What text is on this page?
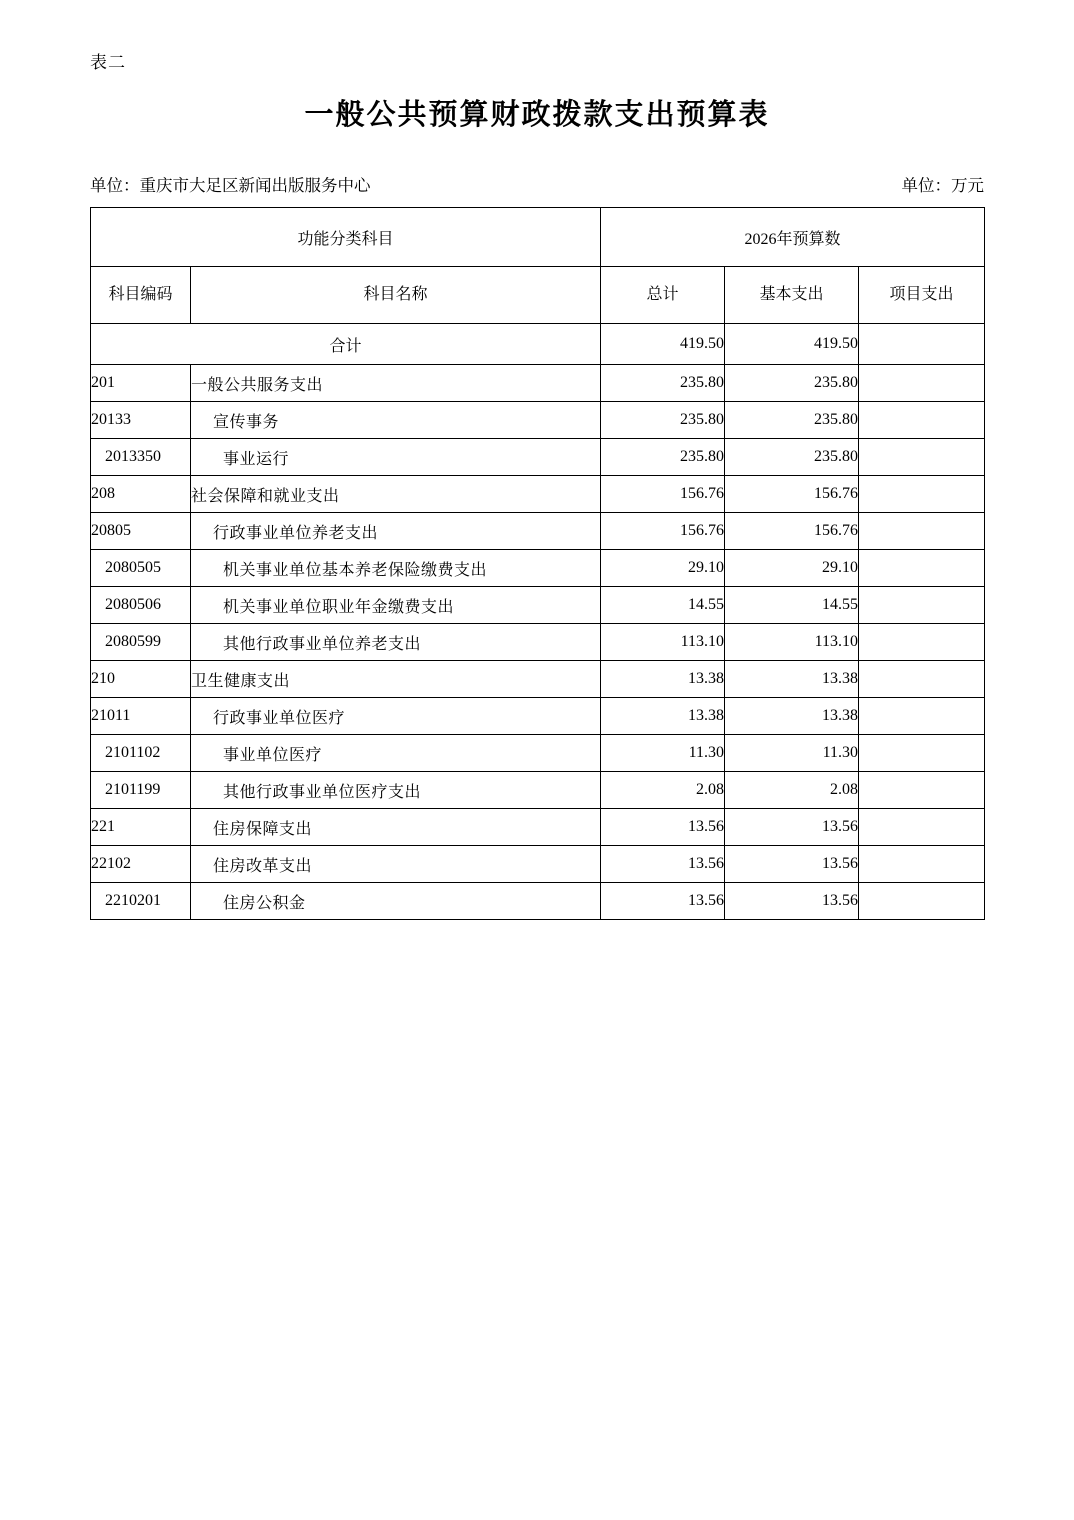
表二
一般公共预算财政拨款支出预算表
单位：重庆市大足区新闻出版服务中心	单位：万元
功能分类科目		2026年预算数		
科目编码	科目名称	总计	基本支出	项目支出
合计		419.50	419.50	
201	一般公共服务支出	235.80	235.80	
20133	宣传事务	235.80	235.80	
2013350	事业运行	235.80	235.80	
208	社会保障和就业支出	156.76	156.76	
20805	行政事业单位养老支出	156.76	156.76	
2080505	机关事业单位基本养老保险缴费支出	29.10	29.10	
2080506	机关事业单位职业年金缴费支出	14.55	14.55	
2080599	其他行政事业单位养老支出	113.10	113.10	
210	卫生健康支出	13.38	13.38	
21011	行政事业单位医疗	13.38	13.38	
2101102	事业单位医疗	11.30	11.30	
2101199	其他行政事业单位医疗支出	2.08	2.08	
221	住房保障支出	13.56	13.56	
22102	住房改革支出	13.56	13.56	
2210201	住房公积金	13.56	13.56	
